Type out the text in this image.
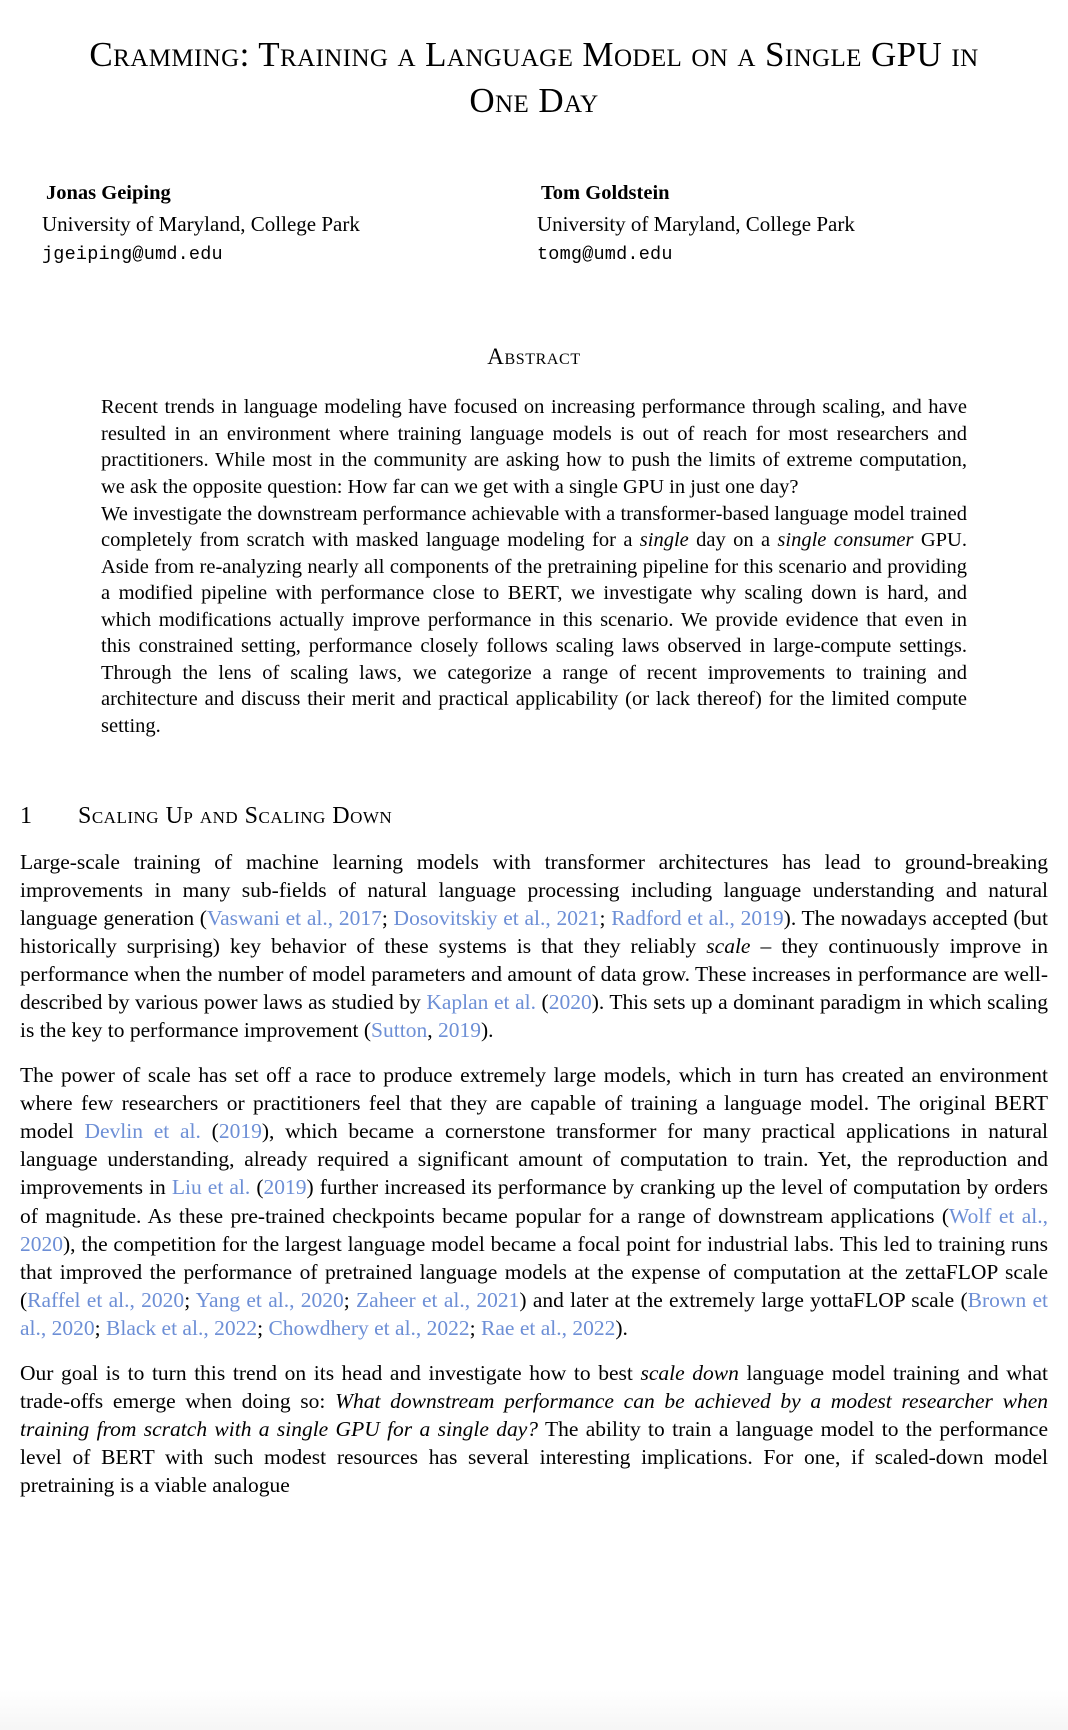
Cramming: Training a Language Model on a Single GPU in One Day
Jonas Geiping
University of Maryland, College Park
jgeiping@umd.edu
Tom Goldstein
University of Maryland, College Park
tomg@umd.edu
Abstract

Recent trends in language modeling have focused on increasing performance through scaling, and have resulted in an environment where training language models is out of reach for most researchers and practitioners. While most in the community are asking how to push the limits of extreme computation, we ask the opposite question: How far can we get with a single GPU in just one day?

We investigate the downstream performance achievable with a transformer-based language model trained completely from scratch with masked language modeling for a single day on a single consumer GPU. Aside from re-analyzing nearly all components of the pretraining pipeline for this scenario and providing a modified pipeline with performance close to BERT, we investigate why scaling down is hard, and which modifications actually improve performance in this scenario. We provide evidence that even in this constrained setting, performance closely follows scaling laws observed in large-compute settings. Through the lens of scaling laws, we categorize a range of recent improvements to training and architecture and discuss their merit and practical applicability (or lack thereof) for the limited compute setting.

1	Scaling Up and Scaling Down

Large-scale training of machine learning models with transformer architectures has lead to ground-breaking improvements in many sub-fields of natural language processing including language understanding and natural language generation (Vaswani et al., 2017; Dosovitskiy et al., 2021; Radford et al., 2019). The nowadays accepted (but historically surprising) key behavior of these systems is that they reliably scale – they continuously improve in performance when the number of model parameters and amount of data grow. These increases in performance are well-described by various power laws as studied by Kaplan et al. (2020). This sets up a dominant paradigm in which scaling is the key to performance improvement (Sutton, 2019).

The power of scale has set off a race to produce extremely large models, which in turn has created an environment where few researchers or practitioners feel that they are capable of training a language model. The original BERT model Devlin et al. (2019), which became a cornerstone transformer for many practical applications in natural language understanding, already required a significant amount of computation to train. Yet, the reproduction and improvements in Liu et al. (2019) further increased its performance by cranking up the level of computation by orders of magnitude. As these pre-trained checkpoints became popular for a range of downstream applications (Wolf et al., 2020), the competition for the largest language model became a focal point for industrial labs. This led to training runs that improved the performance of pretrained language models at the expense of computation at the zettaFLOP scale (Raffel et al., 2020; Yang et al., 2020; Zaheer et al., 2021) and later at the extremely large yottaFLOP scale (Brown et al., 2020; Black et al., 2022; Chowdhery et al., 2022; Rae et al., 2022).

Our goal is to turn this trend on its head and investigate how to best scale down language model training and what trade-offs emerge when doing so: What downstream performance can be achieved by a modest researcher when training from scratch with a single GPU for a single day? The ability to train a language model to the performance level of BERT with such modest resources has several interesting implications. For one, if scaled-down model pretraining is a viable analogue
